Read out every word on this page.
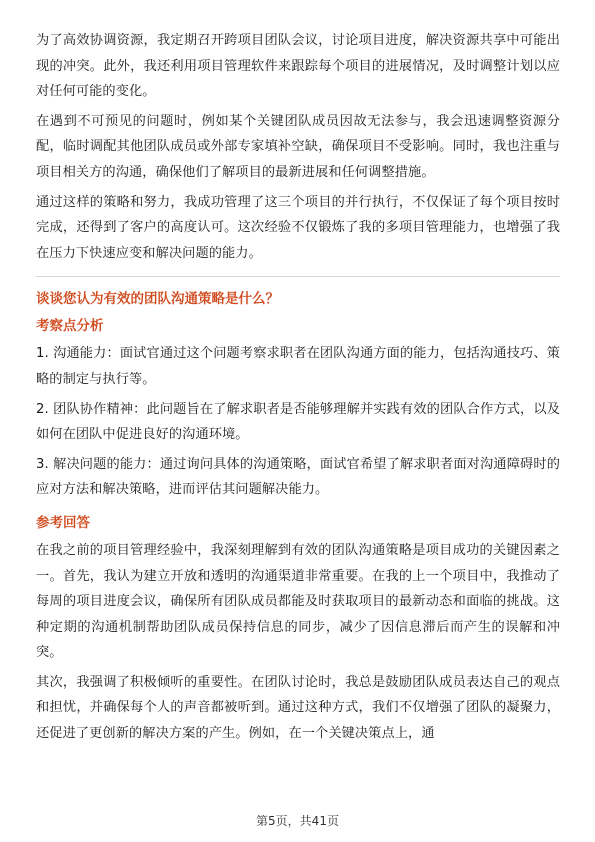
为了高效协调资源，我定期召开跨项目团队会议，讨论项目进度，解决资源共享中可能出现的冲突。此外，我还利用项目管理软件来跟踪每个项目的进展情况，及时调整计划以应对任何可能的变化。

在遇到不可预见的问题时，例如某个关键团队成员因故无法参与，我会迅速调整资源分配，临时调配其他团队成员或外部专家填补空缺，确保项目不受影响。同时，我也注重与项目相关方的沟通，确保他们了解项目的最新进展和任何调整措施。

通过这样的策略和努力，我成功管理了这三个项目的并行执行，不仅保证了每个项目按时完成，还得到了客户的高度认可。这次经验不仅锻炼了我的多项目管理能力，也增强了我在压力下快速应变和解决问题的能力。

谈谈您认为有效的团队沟通策略是什么？
考察点分析

1. 沟通能力：面试官通过这个问题考察求职者在团队沟通方面的能力，包括沟通技巧、策略的制定与执行等。

2. 团队协作精神：此问题旨在了解求职者是否能够理解并实践有效的团队合作方式，以及如何在团队中促进良好的沟通环境。

3. 解决问题的能力：通过询问具体的沟通策略，面试官希望了解求职者面对沟通障碍时的应对方法和解决策略，进而评估其问题解决能力。

参考回答

在我之前的项目管理经验中，我深刻理解到有效的团队沟通策略是项目成功的关键因素之一。首先，我认为建立开放和透明的沟通渠道非常重要。在我的上一个项目中，我推动了每周的项目进度会议，确保所有团队成员都能及时获取项目的最新动态和面临的挑战。这种定期的沟通机制帮助团队成员保持信息的同步，减少了因信息滞后而产生的误解和冲突。

其次，我强调了积极倾听的重要性。在团队讨论时，我总是鼓励团队成员表达自己的观点和担忧，并确保每个人的声音都被听到。通过这种方式，我们不仅增强了团队的凝聚力，还促进了更创新的解决方案的产生。例如，在一个关键决策点上，通

第5页，共41页
